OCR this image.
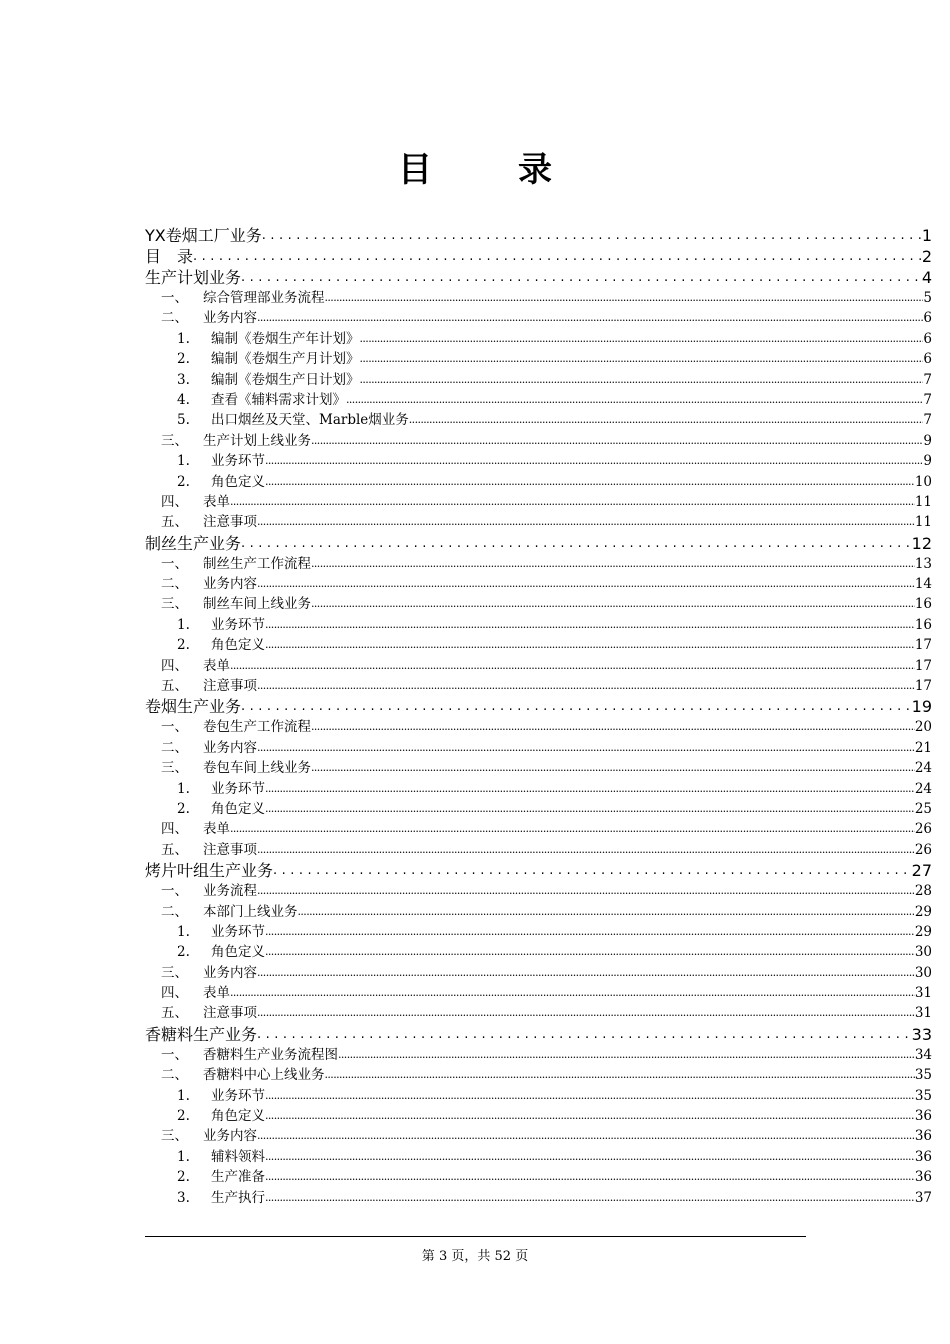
目　录
YX卷烟工厂业务 .....	1
目　录 .....	2
生产计划业务 .....	4
一、	综合管理部业务流程 .....	5
二、	业务内容 .....	6
1.	编制《卷烟生产年计划》 .....	6
2.	编制《卷烟生产月计划》 .....	6
3.	编制《卷烟生产日计划》 .....	7
4.	查看《辅料需求计划》 .....	7
5.	出口烟丝及天堂、Marble烟业务 .....	7
三、	生产计划上线业务 .....	9
1.	业务环节 .....	9
2.	角色定义 .....	10
四、	表单 .....	11
五、	注意事项 .....	11
制丝生产业务 .....	12
一、	制丝生产工作流程 .....	13
二、	业务内容 .....	14
三、	制丝车间上线业务 .....	16
1.	业务环节 .....	16
2.	角色定义 .....	17
四、	表单 .....	17
五、	注意事项 .....	17
卷烟生产业务 .....	19
一、	卷包生产工作流程 .....	20
二、	业务内容 .....	21
三、	卷包车间上线业务 .....	24
1.	业务环节 .....	24
2.	角色定义 .....	25
四、	表单 .....	26
五、	注意事项 .....	26
烤片叶组生产业务 .....	27
一、	业务流程 .....	28
二、	本部门上线业务 .....	29
1.	业务环节 .....	29
2.	角色定义 .....	30
三、	业务内容 .....	30
四、	表单 .....	31
五、	注意事项 .....	31
香糖料生产业务 .....	33
一、	香糖料生产业务流程图 .....	34
二、	香糖料中心上线业务 .....	35
1.	业务环节 .....	35
2.	角色定义 .....	36
三、	业务内容 .....	36
1.	辅料领料 .....	36
2.	生产准备 .....	36
3.	生产执行 .....	37
第 3 页，共 52 页
